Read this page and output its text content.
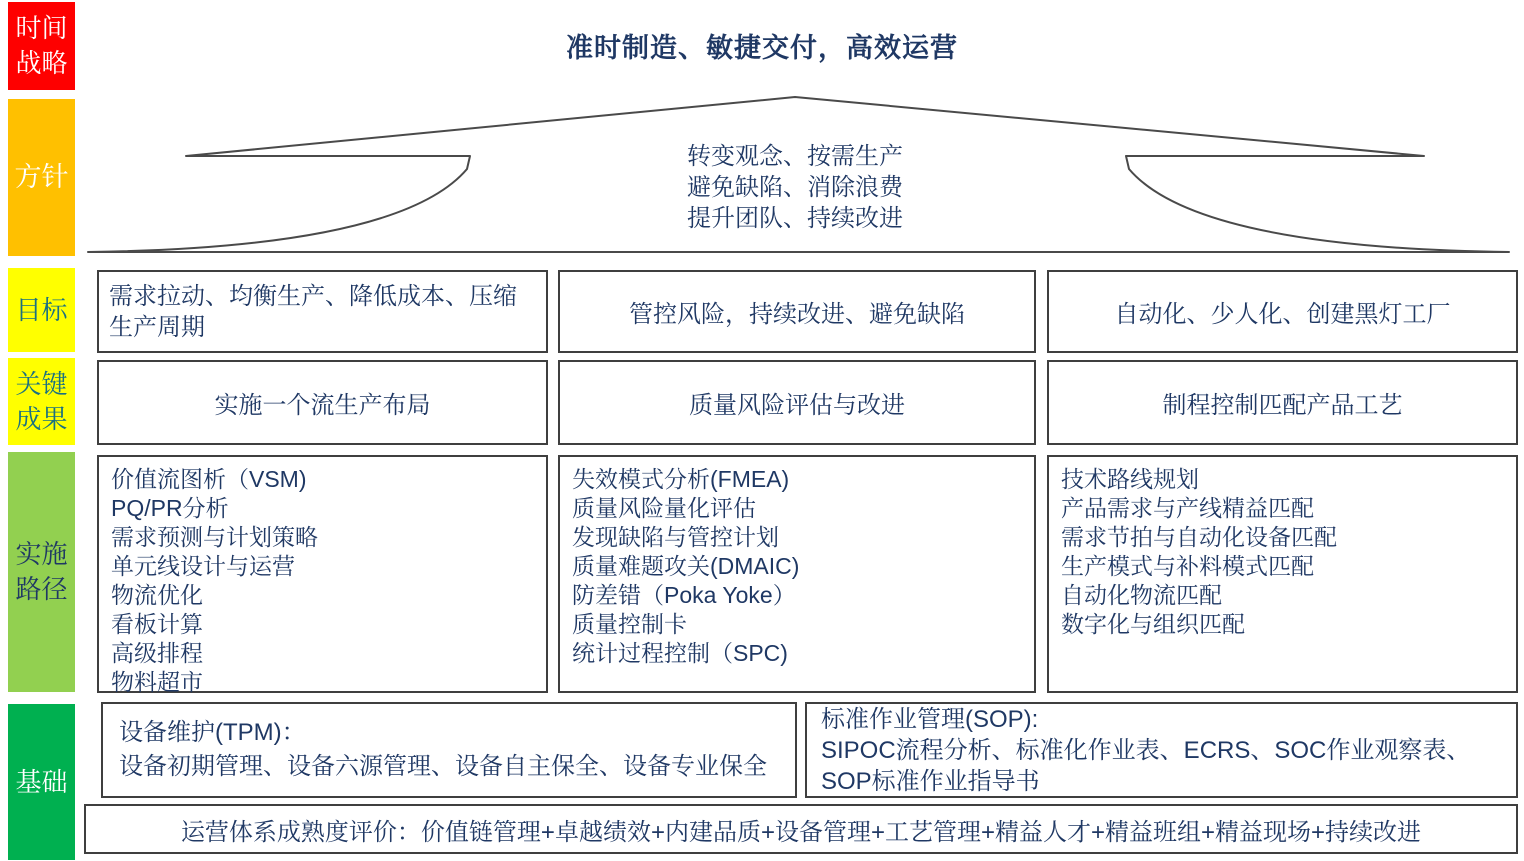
时间
战略
方针
目标
关键
成果
实施
路径
基础
准时制造、敏捷交付，高效运营
转变观念、按需生产
避免缺陷、消除浪费
提升团队、持续改进
需求拉动、均衡生产、降低成本、压缩生产周期	管控风险，持续改进、避免缺陷	自动化、少人化、创建黑灯工厂
实施一个流生产布局	质量风险评估与改进	制程控制匹配产品工艺
价值流图析（VSM)
PQ/PR分析
需求预测与计划策略
单元线设计与运营
物流优化
看板计算
高级排程
物料超市
失效模式分析(FMEA)
质量风险量化评估
发现缺陷与管控计划
质量难题攻关(DMAIC)
防差错（Poka Yoke）
质量控制卡
统计过程控制（SPC)
技术路线规划
产品需求与产线精益匹配
需求节拍与自动化设备匹配
生产模式与补料模式匹配
自动化物流匹配
数字化与组织匹配
设备维护(TPM)：
设备初期管理、设备六源管理、设备自主保全、设备专业保全
标准作业管理(SOP):
SIPOC流程分析、标准化作业表、ECRS、SOC作业观察表、
SOP标准作业指导书
运营体系成熟度评价：价值链管理+卓越绩效+内建品质+设备管理+工艺管理+精益人才+精益班组+精益现场+持续改进
